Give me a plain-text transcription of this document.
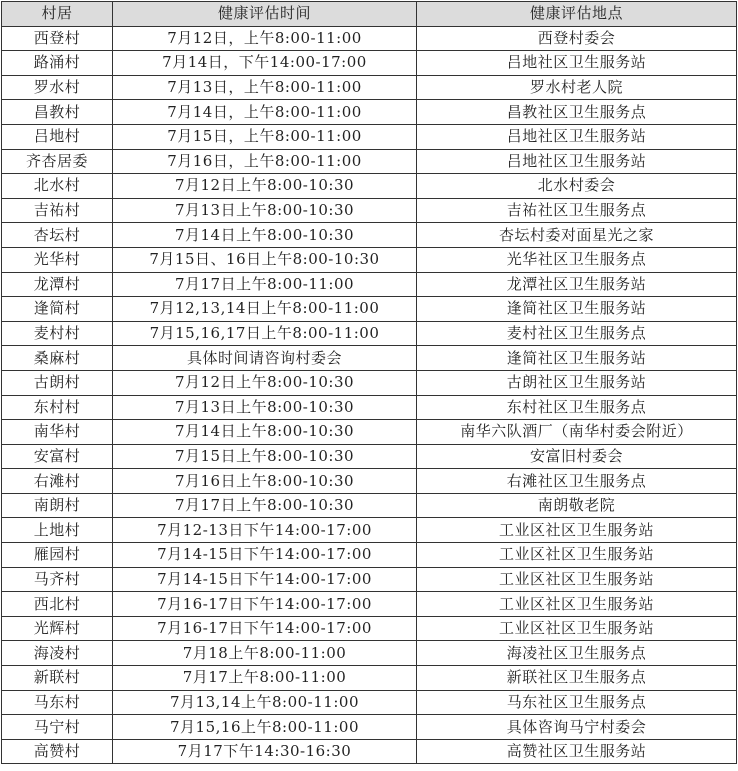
村居	健康评估时间	健康评估地点
西登村	7月12日，上午8:00-11:00	西登村委会
路涌村	7月14日，下午14:00-17:00	吕地社区卫生服务站
罗水村	7月13日，上午8:00-11:00	罗水村老人院
昌教村	7月14日，上午8:00-11:00	昌教社区卫生服务点
吕地村	7月15日，上午8:00-11:00	吕地社区卫生服务站
齐杏居委	7月16日，上午8:00-11:00	吕地社区卫生服务站
北水村	7月12日上午8:00-10:30	北水村委会
吉祐村	7月13日上午8:00-10:30	吉祐社区卫生服务点
杏坛村	7月14日上午8:00-10:30	杏坛村委对面星光之家
光华村	7月15日、16日上午8:00-10:30	光华社区卫生服务点
龙潭村	7月17日上午8:00-11:00	龙潭社区卫生服务站
逢简村	7月12,13,14日上午8:00-11:00	逢简社区卫生服务站
麦村村	7月15,16,17日上午8:00-11:00	麦村社区卫生服务点
桑麻村	具体时间请咨询村委会	逢简社区卫生服务站
古朗村	7月12日上午8:00-10:30	古朗社区卫生服务站
东村村	7月13日上午8:00-10:30	东村社区卫生服务点
南华村	7月14日上午8:00-10:30	南华六队酒厂（南华村委会附近）
安富村	7月15日上午8:00-10:30	安富旧村委会
右滩村	7月16日上午8:00-10:30	右滩社区卫生服务点
南朗村	7月17日上午8:00-10:30	南朗敬老院
上地村	7月12-13日下午14:00-17:00	工业区社区卫生服务站
雁园村	7月14-15日下午14:00-17:00	工业区社区卫生服务站
马齐村	7月14-15日下午14:00-17:00	工业区社区卫生服务站
西北村	7月16-17日下午14:00-17:00	工业区社区卫生服务站
光辉村	7月16-17日下午14:00-17:00	工业区社区卫生服务站
海凌村	7月18上午8:00-11:00	海凌社区卫生服务点
新联村	7月17上午8:00-11:00	新联社区卫生服务点
马东村	7月13,14上午8:00-11:00	马东社区卫生服务点
马宁村	7月15,16上午8:00-11:00	具体咨询马宁村委会
高赞村	7月17下午14:30-16:30	高赞社区卫生服务站
